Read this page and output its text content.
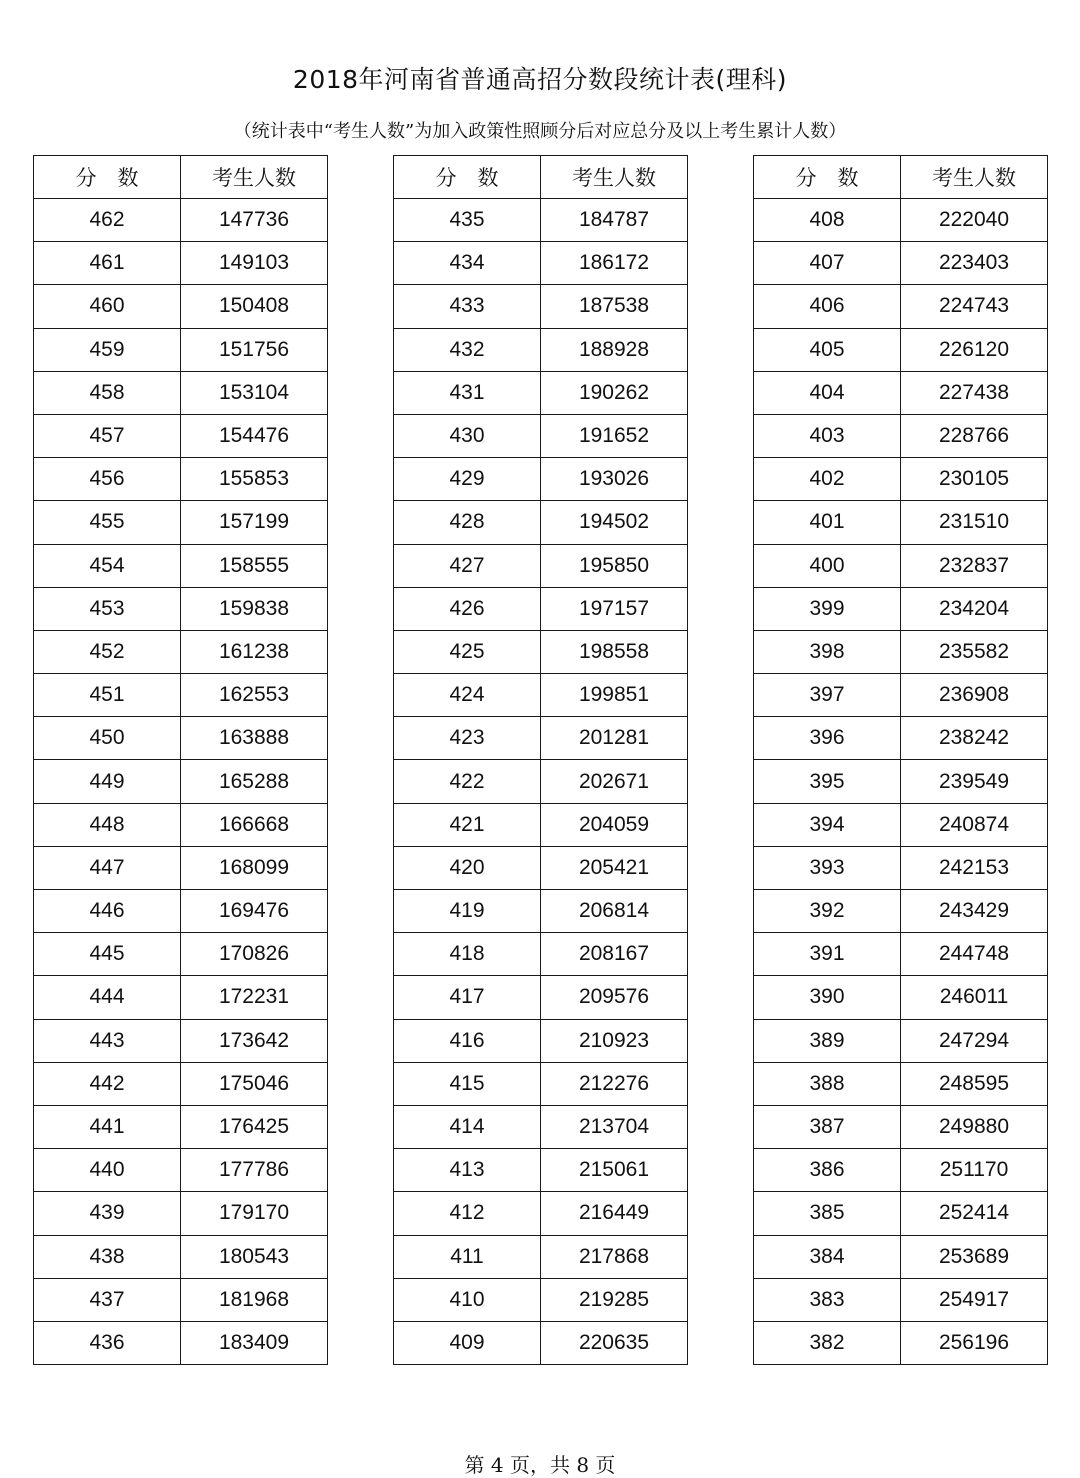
2018年河南省普通高招分数段统计表(理科)
（统计表中“考生人数”为加入政策性照顾分后对应总分及以上考生累计人数）
分　数	考生人数
462	147736
461	149103
460	150408
459	151756
458	153104
457	154476
456	155853
455	157199
454	158555
453	159838
452	161238
451	162553
450	163888
449	165288
448	166668
447	168099
446	169476
445	170826
444	172231
443	173642
442	175046
441	176425
440	177786
439	179170
438	180543
437	181968
436	183409
分　数	考生人数
435	184787
434	186172
433	187538
432	188928
431	190262
430	191652
429	193026
428	194502
427	195850
426	197157
425	198558
424	199851
423	201281
422	202671
421	204059
420	205421
419	206814
418	208167
417	209576
416	210923
415	212276
414	213704
413	215061
412	216449
411	217868
410	219285
409	220635
分　数	考生人数
408	222040
407	223403
406	224743
405	226120
404	227438
403	228766
402	230105
401	231510
400	232837
399	234204
398	235582
397	236908
396	238242
395	239549
394	240874
393	242153
392	243429
391	244748
390	246011
389	247294
388	248595
387	249880
386	251170
385	252414
384	253689
383	254917
382	256196
第 4 页，共 8 页
